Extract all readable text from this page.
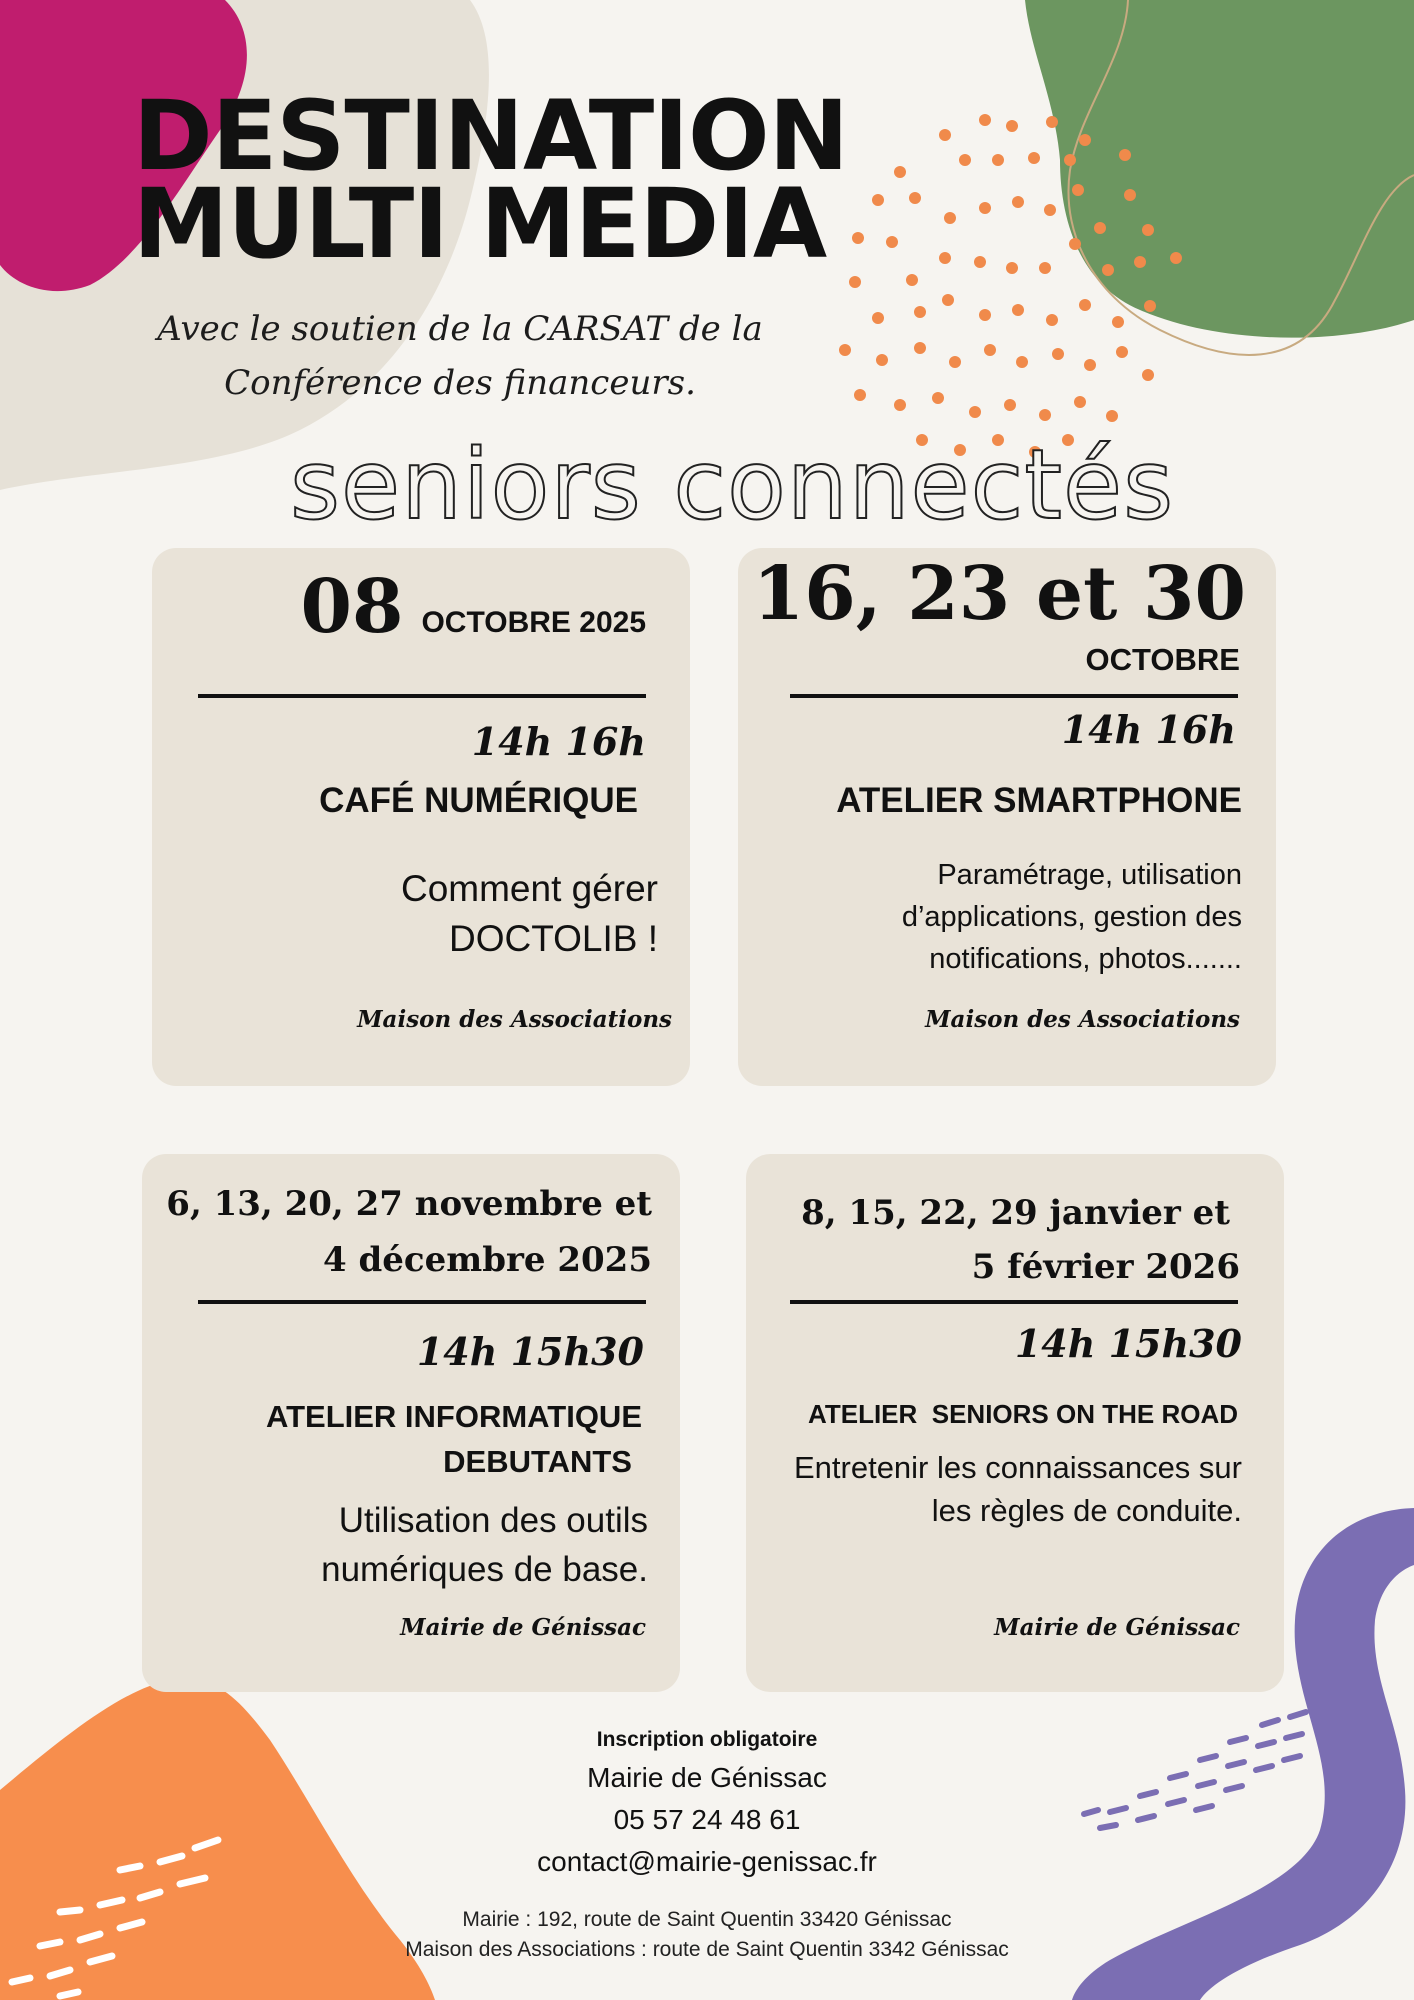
DESTINATION
MULTI MEDIA
Avec le soutien de la CARSAT de la
Conférence des financeurs.
seniors connectés
08 OCTOBRE 2025
14h 16h
CAFÉ NUMÉRIQUE
Comment gérer DOCTOLIB !
Maison des Associations
16, 23 et 30
OCTOBRE
14h 16h
ATELIER SMARTPHONE
Paramétrage, utilisation d’applications, gestion des notifications, photos.......
Maison des Associations
6, 13, 20, 27 novembre et
4 décembre 2025
14h 15h30
ATELIER INFORMATIQUE
DEBUTANTS
Utilisation des outils numériques de base.
Mairie de Génissac
8, 15, 22, 29 janvier et
5 février 2026
14h 15h30
ATELIER  SENIORS ON THE ROAD
Entretenir les connaissances sur les règles de conduite.
Mairie de Génissac
Inscription obligatoire
Mairie de Génissac
05 57 24 48 61
contact@mairie-genissac.fr
Mairie : 192, route de Saint Quentin 33420 Génissac
Maison des Associations : route de Saint Quentin 3342 Génissac
